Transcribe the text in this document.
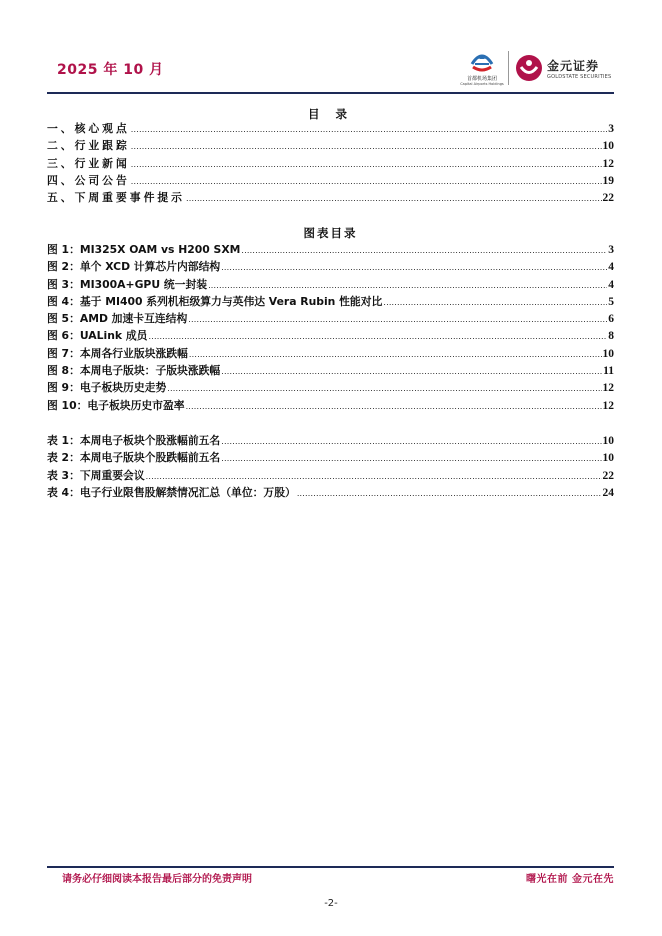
2025 年 10 月
首都机场集团
Capital Airports Holdings
金元证券
GOLDSTATE SECURITIES
目 录
一、核心观点 .....	3
二、行业跟踪 .....	10
三、行业新闻 .....	12
四、公司公告 .....	19
五、下周重要事件提示 .....	22
图表目录
图 1：MI325X OAM vs H200 SXM .....	3
图 2：单个 XCD 计算芯片内部结构 .....	4
图 3：MI300A+GPU 统一封装 .....	4
图 4：基于 MI400 系列机柜级算力与英伟达 Vera Rubin 性能对比 .....	5
图 5：AMD 加速卡互连结构 .....	6
图 6：UALink 成员 .....	8
图 7：本周各行业版块涨跌幅 .....	10
图 8：本周电子版块：子版块涨跌幅 .....	11
图 9：电子板块历史走势 .....	12
图 10：电子板块历史市盈率 .....	12
表 1：本周电子板块个股涨幅前五名 .....	10
表 2：本周电子版块个股跌幅前五名 .....	10
表 3：下周重要会议 .....	22
表 4：电子行业限售股解禁情况汇总（单位：万股） .....	24
请务必仔细阅读本报告最后部分的免责声明	曙光在前 金元在先
-2-
